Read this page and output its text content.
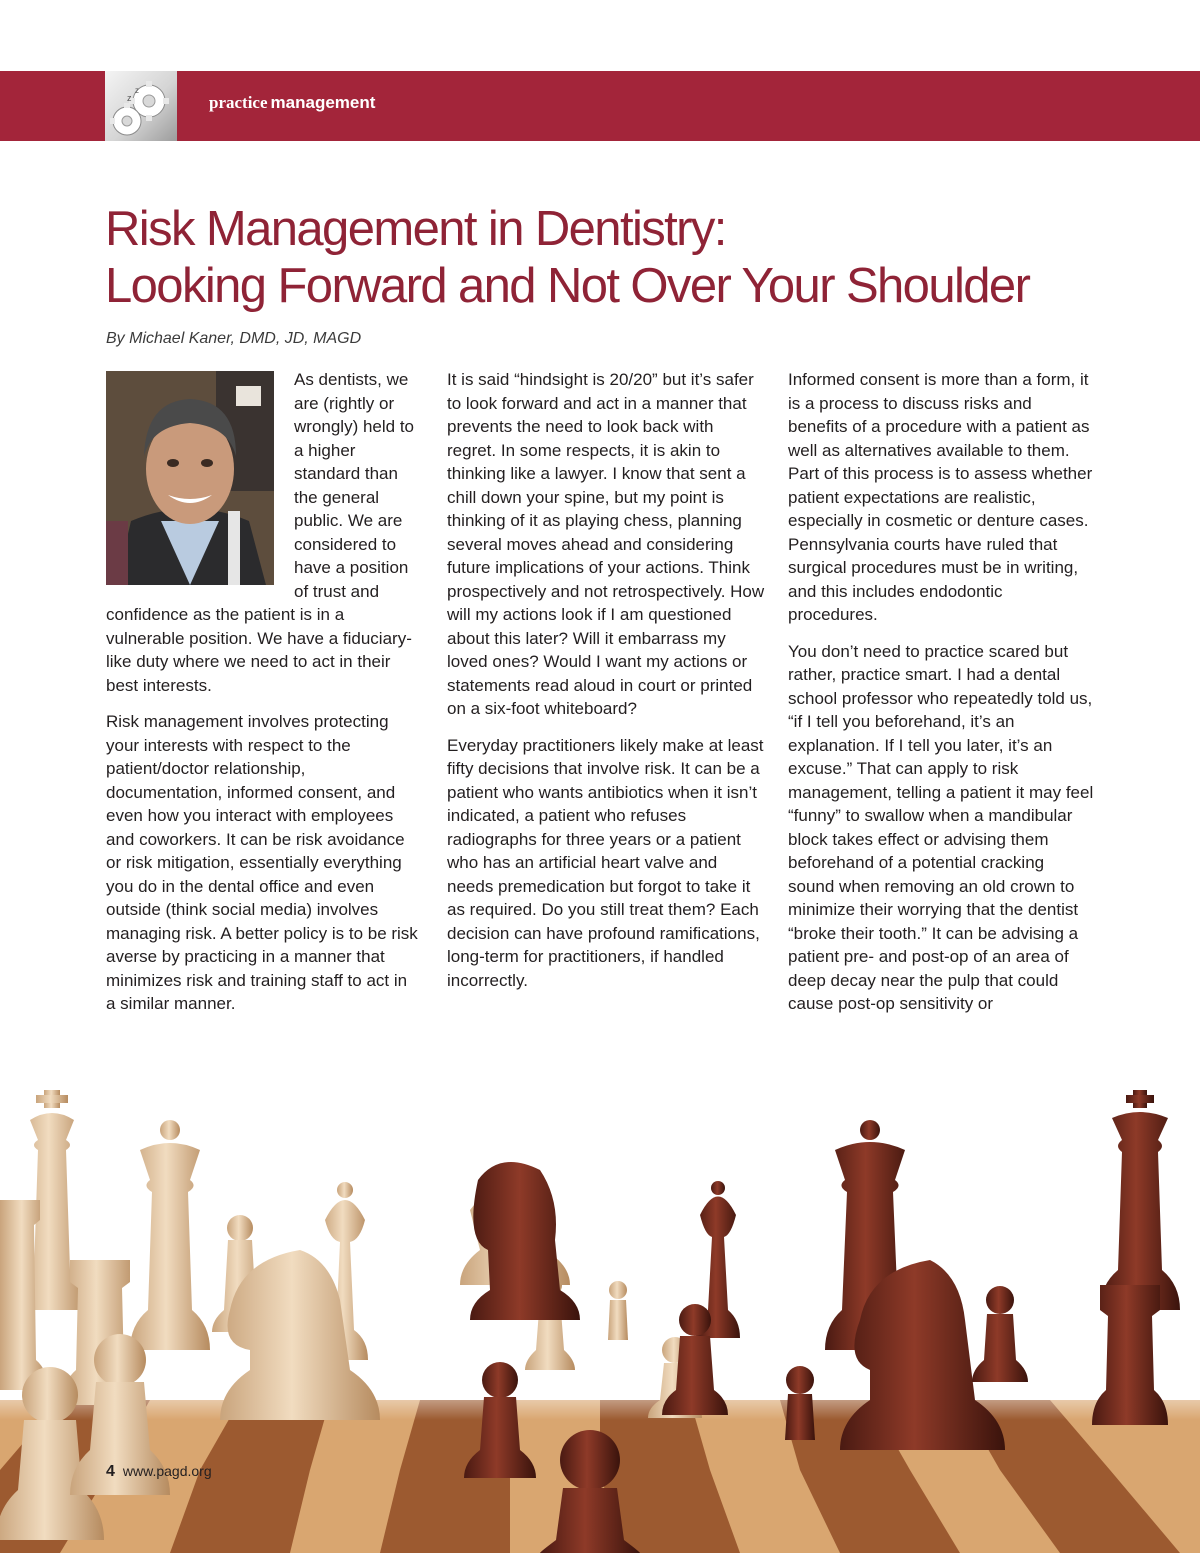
z
z
practice management
Risk Management in Dentistry:
Looking Forward and Not Over Your Shoulder
By Michael Kaner, DMD, JD, MAGD

As dentists, we are (rightly or wrongly) held to a higher standard than the general public. We are considered to have a position of trust and confidence as the patient is in a vulnerable position. We have a fiduciary-like duty where we need to act in their best interests.

Risk management involves protecting your interests with respect to the patient/doctor relationship, documentation, informed consent, and even how you interact with employees and coworkers. It can be risk avoidance or risk mitigation, essentially everything you do in the dental office and even outside (think social media) involves managing risk. A better policy is to be risk averse by practicing in a manner that minimizes risk and training staff to act in a similar manner.

It is said “hindsight is 20/20” but it’s safer to look forward and act in a manner that prevents the need to look back with regret. In some respects, it is akin to thinking like a lawyer. I know that sent a chill down your spine, but my point is thinking of it as playing chess, planning several moves ahead and considering future implications of your actions. Think prospectively and not retrospectively. How will my actions look if I am questioned about this later? Will it embarrass my loved ones? Would I want my actions or statements read aloud in court or printed on a six-foot whiteboard?

Everyday practitioners likely make at least fifty decisions that involve risk. It can be a patient who wants antibiotics when it isn’t indicated, a patient who refuses radiographs for three years or a patient who has an artificial heart valve and needs premedication but forgot to take it as required. Do you still treat them? Each decision can have profound ramifications, long-term for practitioners, if handled incorrectly.

Informed consent is more than a form, it is a process to discuss risks and benefits of a procedure with a patient as well as alternatives available to them. Part of this process is to assess whether patient expectations are realistic, especially in cosmetic or denture cases. Pennsylvania courts have ruled that surgical procedures must be in writing, and this includes endodontic procedures.

You don’t need to practice scared but rather, practice smart. I had a dental school professor who repeatedly told us, “if I tell you beforehand, it’s an explanation. If I tell you later, it’s an excuse.” That can apply to risk management, telling a patient it may feel “funny” to swallow when a mandibular block takes effect or advising them beforehand of a potential cracking sound when removing an old crown to minimize their worrying that the dentist “broke their tooth.” It can be advising a patient pre- and post-op of an area of deep decay near the pulp that could cause post-op sensitivity or

4 www.pagd.org
